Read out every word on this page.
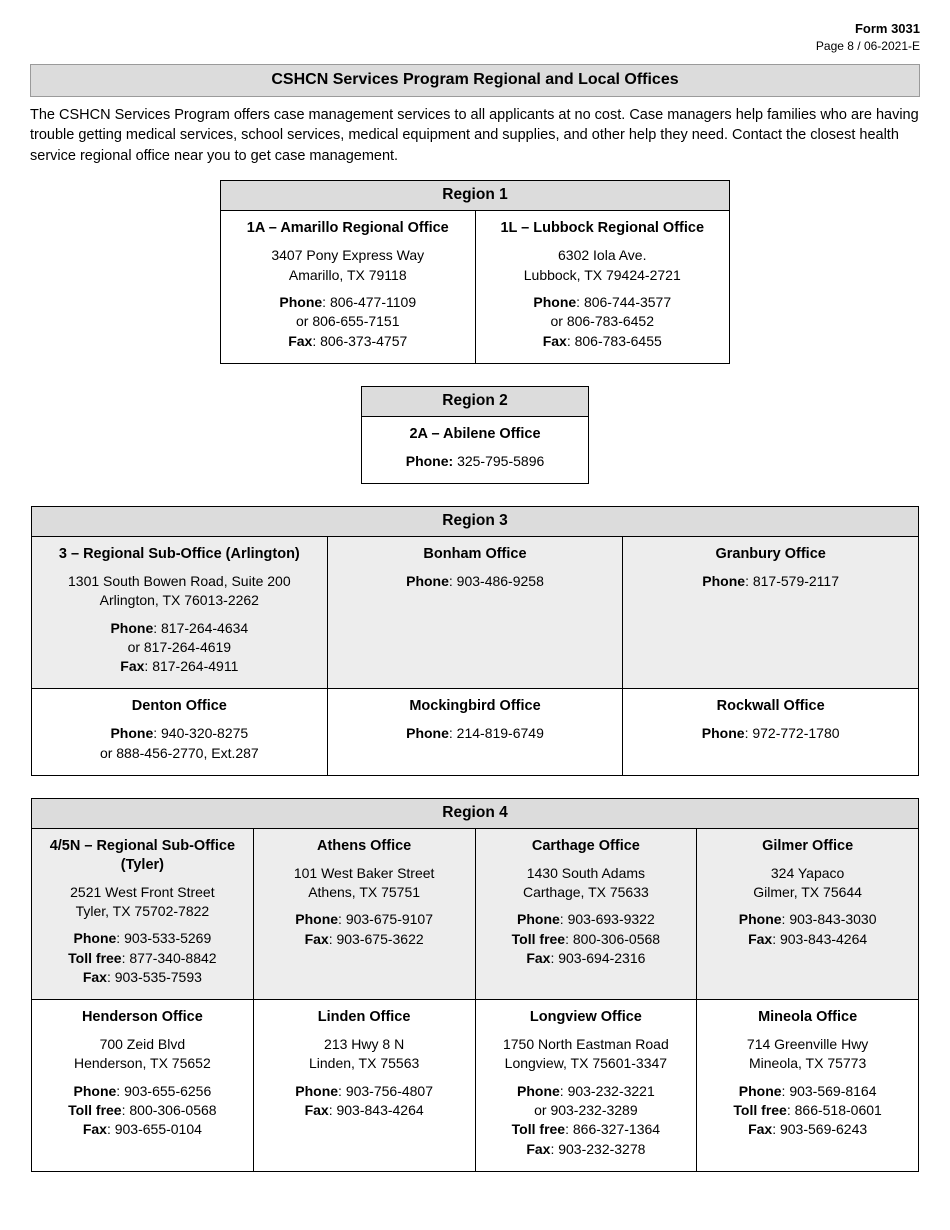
Form 3031
Page 8 / 06-2021-E
CSHCN Services Program Regional and Local Offices

The CSHCN Services Program offers case management services to all applicants at no cost. Case managers help families who are having trouble getting medical services, school services, medical equipment and supplies, and other help they need. Contact the closest health service regional office near you to get case management.

Region 1

1A – Amarillo Regional Office
3407 Pony Express Way
Amarillo, TX 79118
Phone: 806-477-1109
or 806-655-7151
Fax: 806-373-4757

1L – Lubbock Regional Office
6302 Iola Ave.
Lubbock, TX 79424-2721
Phone: 806-744-3577
or 806-783-6452
Fax: 806-783-6455
Region 2

2A – Abilene Office
Phone: 325-795-5896
Region 3		

3 – Regional Sub-Office (Arlington)
1301 South Bowen Road, Suite 200
Arlington, TX 76013-2262
Phone: 817-264-4634
or 817-264-4619
Fax: 817-264-4911

Bonham Office
Phone: 903-486-9258

Granbury Office
Phone: 817-579-2117

Denton Office
Phone: 940-320-8275
or 888-456-2770, Ext.287

Mockingbird Office
Phone: 214-819-6749

Rockwall Office
Phone: 972-772-1780
Region 4			

4/5N – Regional Sub-Office (Tyler)
2521 West Front Street
Tyler, TX 75702-7822
Phone: 903-533-5269
Toll free: 877-340-8842
Fax: 903-535-7593

Athens Office
101 West Baker Street
Athens, TX 75751
Phone: 903-675-9107
Fax: 903-675-3622

Carthage Office
1430 South Adams
Carthage, TX 75633
Phone: 903-693-9322
Toll free: 800-306-0568
Fax: 903-694-2316

Gilmer Office
324 Yapaco
Gilmer, TX 75644
Phone: 903-843-3030
Fax: 903-843-4264

Henderson Office
700 Zeid Blvd
Henderson, TX 75652
Phone: 903-655-6256
Toll free: 800-306-0568
Fax: 903-655-0104

Linden Office
213 Hwy 8 N
Linden, TX 75563
Phone: 903-756-4807
Fax: 903-843-4264

Longview Office
1750 North Eastman Road
Longview, TX 75601-3347
Phone: 903-232-3221
or 903-232-3289
Toll free: 866-327-1364
Fax: 903-232-3278

Mineola Office
714 Greenville Hwy
Mineola, TX 75773
Phone: 903-569-8164
Toll free: 866-518-0601
Fax: 903-569-6243
